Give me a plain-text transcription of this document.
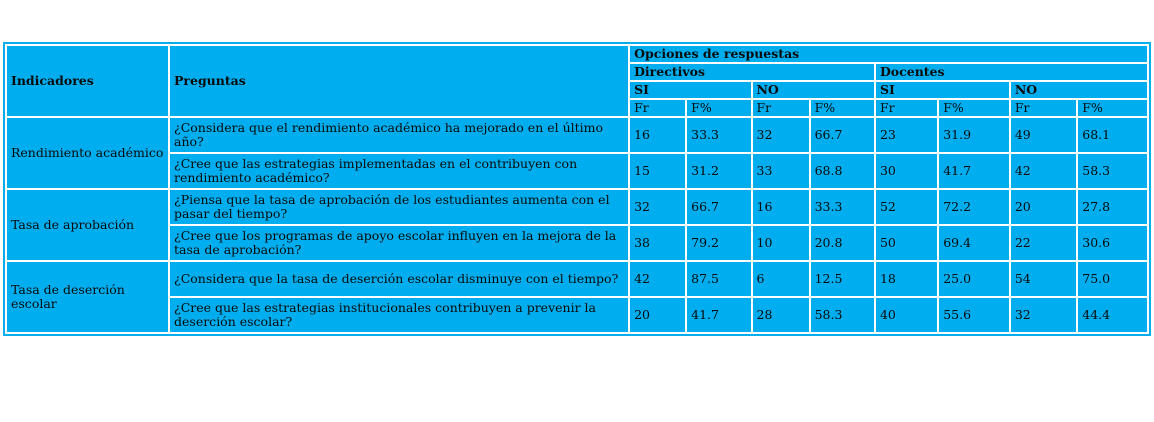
Indicadores	Preguntas	Opciones de respuestas							
		Directivos				Docentes			
		SI		NO		SI		NO	
		Fr	F%	Fr	F%	Fr	F%	Fr	F%
Rendimiento académico	¿Considera que el rendimiento académico ha mejorado en el último año?	16	33.3	32	66.7	23	31.9	49	68.1
	¿Cree que las estrategias implementadas en el contribuyen con rendimiento académico?	15	31.2	33	68.8	30	41.7	42	58.3
Tasa de aprobación	¿Piensa que la tasa de aprobación de los estudiantes aumenta con el pasar del tiempo?	32	66.7	16	33.3	52	72.2	20	27.8
	¿Cree que los programas de apoyo escolar influyen en la mejora de la tasa de aprobación?	38	79.2	10	20.8	50	69.4	22	30.6
Tasa de deserción escolar	¿Considera que la tasa de deserción escolar disminuye con el tiempo?	42	87.5	6	12.5	18	25.0	54	75.0
	¿Cree que las estrategias institucionales contribuyen a prevenir la deserción escolar?	20	41.7	28	58.3	40	55.6	32	44.4
